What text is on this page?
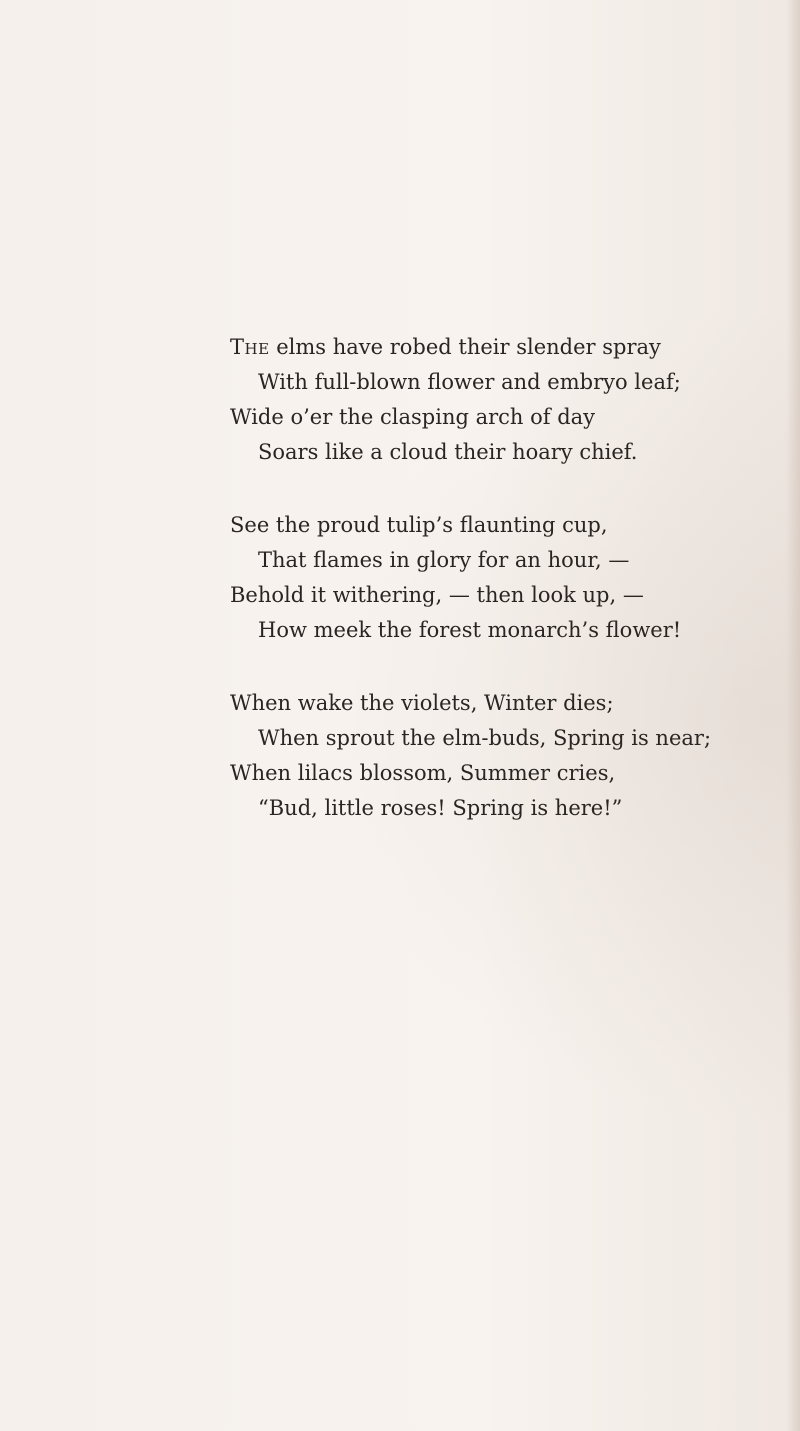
The elms have robed their slender spray
With full-blown flower and embryo leaf;
Wide o’er the clasping arch of day
Soars like a cloud their hoary chief.
See the proud tulip’s flaunting cup,
That flames in glory for an hour, —
Behold it withering, — then look up, —
How meek the forest monarch’s flower!
When wake the violets, Winter dies;
When sprout the elm-buds, Spring is near;
When lilacs blossom, Summer cries,
“Bud, little roses! Spring is here!”
